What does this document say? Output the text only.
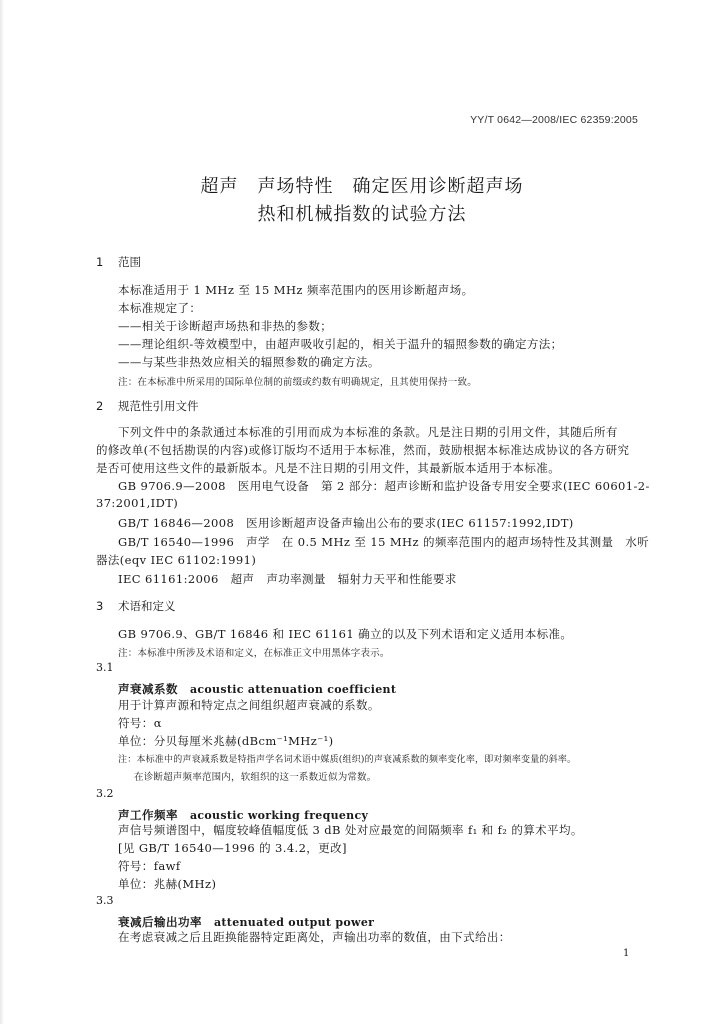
YY/T 0642—2008/IEC 62359:2005
超声　声场特性　确定医用诊断超声场
热和机械指数的试验方法
1 范围
本标准适用于 1 MHz 至 15 MHz 频率范围内的医用诊断超声场。
本标准规定了：
——相关于诊断超声场热和非热的参数；
——理论组织-等效模型中，由超声吸收引起的，相关于温升的辐照参数的确定方法；
——与某些非热效应相关的辐照参数的确定方法。
注：在本标准中所采用的国际单位制的前缀或约数有明确规定，且其使用保持一致。
2 规范性引用文件
下列文件中的条款通过本标准的引用而成为本标准的条款。凡是注日期的引用文件，其随后所有
的修改单(不包括勘误的内容)或修订版均不适用于本标准，然而，鼓励根据本标准达成协议的各方研究
是否可使用这些文件的最新版本。凡是不注日期的引用文件，其最新版本适用于本标准。
GB 9706.9—2008　医用电气设备　第 2 部分：超声诊断和监护设备专用安全要求(IEC 60601-2-
37:2001,IDT)
GB/T 16846—2008　医用诊断超声设备声输出公布的要求(IEC 61157:1992,IDT)
GB/T 16540—1996　声学　在 0.5 MHz 至 15 MHz 的频率范围内的超声场特性及其测量　水听
器法(eqv IEC 61102:1991)
IEC 61161:2006　超声　声功率测量　辐射力天平和性能要求
3 术语和定义
GB 9706.9、GB/T 16846 和 IEC 61161 确立的以及下列术语和定义适用本标准。
注：本标准中所涉及术语和定义，在标准正文中用黑体字表示。
3.1
声衰减系数 acoustic attenuation coefficient
用于计算声源和特定点之间组织超声衰减的系数。
符号：α
单位：分贝每厘米兆赫(dBcm⁻¹MHz⁻¹)
注：本标准中的声衰减系数是特指声学名词术语中媒质(组织)的声衰减系数的频率变化率，即对频率变量的斜率。
在诊断超声频率范围内，软组织的这一系数近似为常数。
3.2
声工作频率 acoustic working frequency
声信号频谱图中，幅度较峰值幅度低 3 dB 处对应最宽的间隔频率 f₁ 和 f₂ 的算术平均。
[见 GB/T 16540—1996 的 3.4.2，更改]
符号：fawf
单位：兆赫(MHz)
3.3
衰减后输出功率 attenuated output power
在考虑衰减之后且距换能器特定距离处，声输出功率的数值，由下式给出：
1
